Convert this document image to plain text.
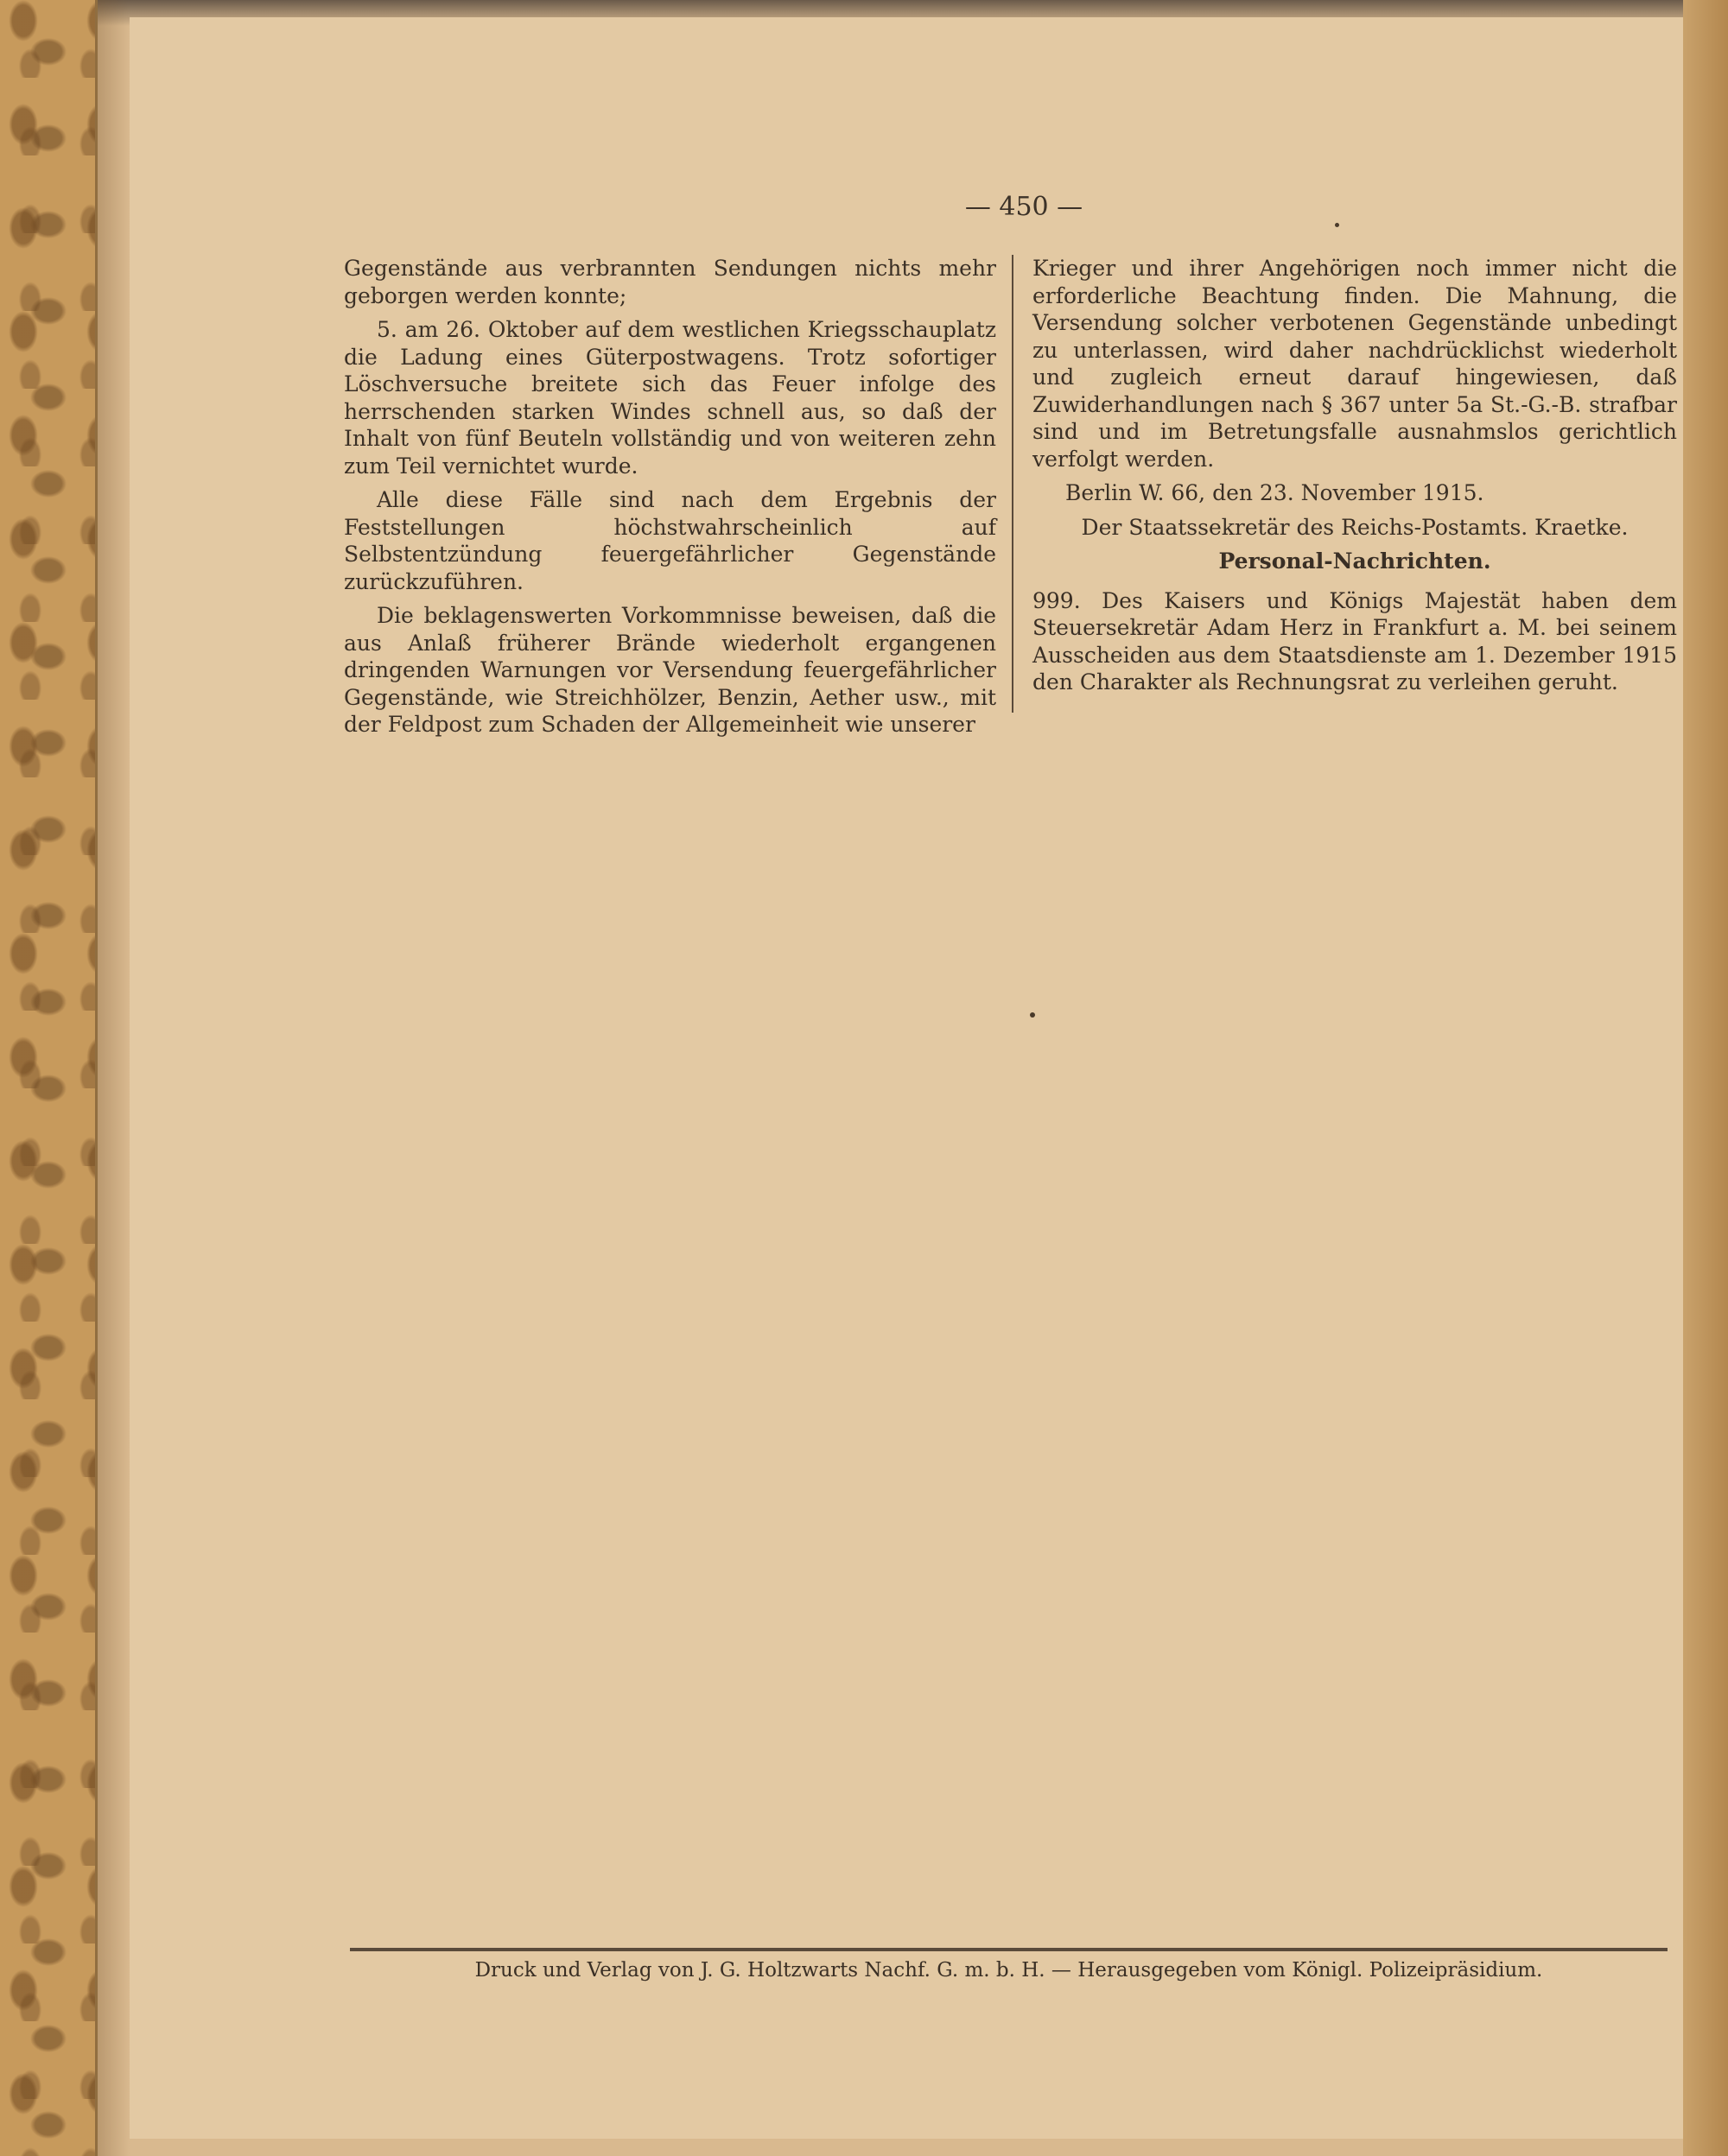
— 450 —

Gegenstände aus verbrannten Sendungen nichts mehr geborgen werden konnte;

5. am 26. Oktober auf dem westlichen Kriegsschauplatz die Ladung eines Güterpostwagens. Trotz sofortiger Löschversuche breitete sich das Feuer infolge des herrschenden starken Windes schnell aus, so daß der Inhalt von fünf Beuteln vollständig und von weiteren zehn zum Teil vernichtet wurde.

Alle diese Fälle sind nach dem Ergebnis der Feststellungen höchstwahrscheinlich auf Selbstentzündung feuergefährlicher Gegenstände zurückzuführen.

Die beklagenswerten Vorkommnisse beweisen, daß die aus Anlaß früherer Brände wiederholt ergangenen dringenden Warnungen vor Versendung feuergefährlicher Gegenstände, wie Streichhölzer, Benzin, Aether usw., mit der Feldpost zum Schaden der Allgemeinheit wie unserer

Krieger und ihrer Angehörigen noch immer nicht die erforderliche Beachtung finden. Die Mahnung, die Versendung solcher verbotenen Gegenstände unbedingt zu unterlassen, wird daher nachdrücklichst wiederholt und zugleich erneut darauf hingewiesen, daß Zuwiderhandlungen nach § 367 unter 5a St.-G.-B. strafbar sind und im Betretungsfalle ausnahmslos gerichtlich verfolgt werden.

Berlin W. 66, den 23. November 1915.

Der Staatssekretär des Reichs-Postamts. Kraetke.

Personal-Nachrichten.

999. Des Kaisers und Königs Majestät haben dem Steuersekretär Adam Herz in Frankfurt a. M. bei seinem Ausscheiden aus dem Staatsdienste am 1. Dezember 1915 den Charakter als Rechnungsrat zu verleihen geruht.

Druck und Verlag von J. G. Holtzwarts Nachf. G. m. b. H. — Herausgegeben vom Königl. Polizeipräsidium.
